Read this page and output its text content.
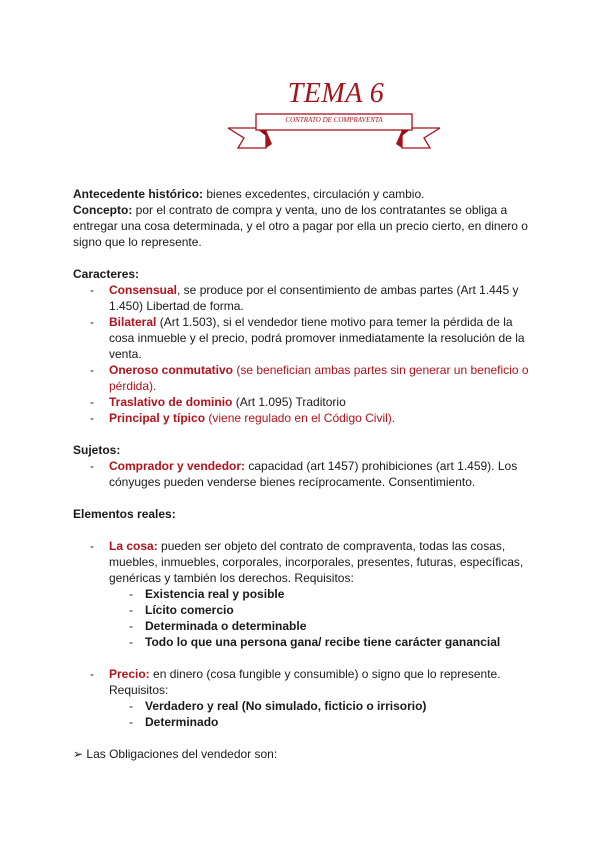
TEMA 6
CONTRATO DE COMPRAVENTA

Antecedente histórico: bienes excedentes, circulación y cambio.

Concepto: por el contrato de compra y venta, uno de los contratantes se obliga a entregar una cosa determinada, y el otro a pagar por ella un precio cierto, en dinero o signo que lo represente.

Caracteres:

- Consensual, se produce por el consentimiento de ambas partes (Art 1.445 y 1.450) Libertad de forma.
- Bilateral (Art 1.503), si el vendedor tiene motivo para temer la pérdida de la cosa inmueble y el precio, podrá promover inmediatamente la resolución de la venta.
- Oneroso conmutativo (se benefician ambas partes sin generar un beneficio o pérdida).
- Traslativo de dominio (Art 1.095) Traditorio
- Principal y típico (viene regulado en el Código Civil).

Sujetos:

- Comprador y vendedor: capacidad (art 1457) prohibiciones (art 1.459). Los cónyuges pueden venderse bienes recíprocamente. Consentimiento.

Elementos reales:

- La cosa: pueden ser objeto del contrato de compraventa, todas las cosas, muebles, inmuebles, corporales, incorporales, presentes, futuras, específicas, genéricas y también los derechos. Requisitos:
- Existencia real y posible
- Lícito comercio
- Determinada o determinable
- Todo lo que una persona gana/ recibe tiene carácter ganancial
- Precio: en dinero (cosa fungible y consumible) o signo que lo represente. Requisitos:
- Verdadero y real (No simulado, ficticio o irrisorio)
- Determinado

➢ Las Obligaciones del vendedor son:
